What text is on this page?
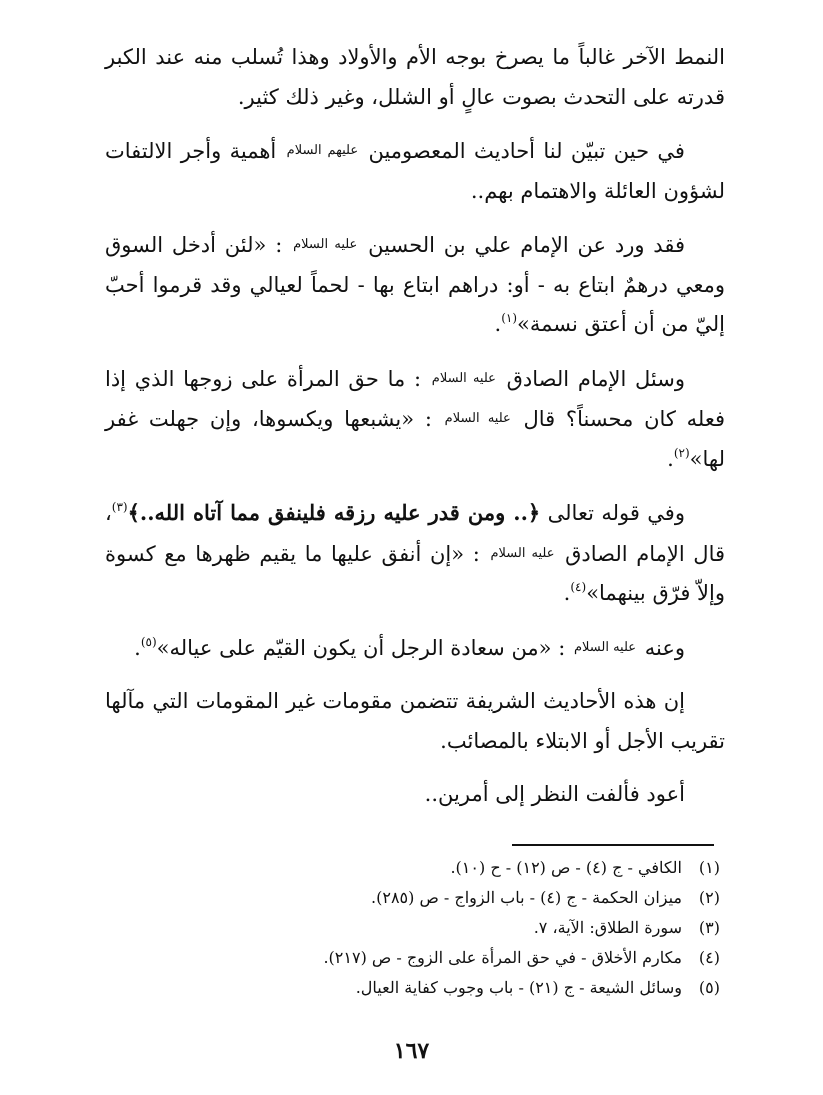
النمط الآخر غالباً ما يصرخ بوجه الأم والأولاد وهذا تُسلب منه عند الكبر قدرته على التحدث بصوت عالٍ أو الشلل، وغير ذلك كثير.

في حين تبيّن لنا أحاديث المعصومين عليهم السلام أهمية وأجر الالتفات لشؤون العائلة والاهتمام بهم..

فقد ورد عن الإمام علي بن الحسين عليه السلام : «لئن أدخل السوق ومعي درهمٌ ابتاع به - أو: دراهم ابتاع بها - لحماً لعيالي وقد قرموا أحبّ إليّ من أن أعتق نسمة»$^{(١)}$.

وسئل الإمام الصادق عليه السلام : ما حق المرأة على زوجها الذي إذا فعله كان محسناً؟ قال عليه السلام : «يشبعها ويكسوها، وإن جهلت غفر لها»$^{(٢)}$.

وفي قوله تعالى ﴿.. ومن قدر عليه رزقه فلينفق مما آتاه الله..﴾$^{(٣)}$، قال الإمام الصادق عليه السلام : «إن أنفق عليها ما يقيم ظهرها مع كسوة وإلاّ فرّق بينهما»$^{(٤)}$.

وعنه عليه السلام : «من سعادة الرجل أن يكون القيّم على عياله»$^{(٥)}$.

إن هذه الأحاديث الشريفة تتضمن مقومات غير المقومات التي مآلها تقريب الأجل أو الابتلاء بالمصائب.

أعود فألفت النظر إلى أمرين..

(١)
الكافي - ج (٤) - ص (١٢) - ح (١٠).
(٢)
ميزان الحكمة - ج (٤) - باب الزواج - ص (٢٨٥).
(٣)
سورة الطلاق: الآية، ٧.
(٤)
مكارم الأخلاق - في حق المرأة على الزوج - ص (٢١٧).
(٥)
وسائل الشيعة - ج (٢١) - باب وجوب كفاية العيال.
١٦٧
